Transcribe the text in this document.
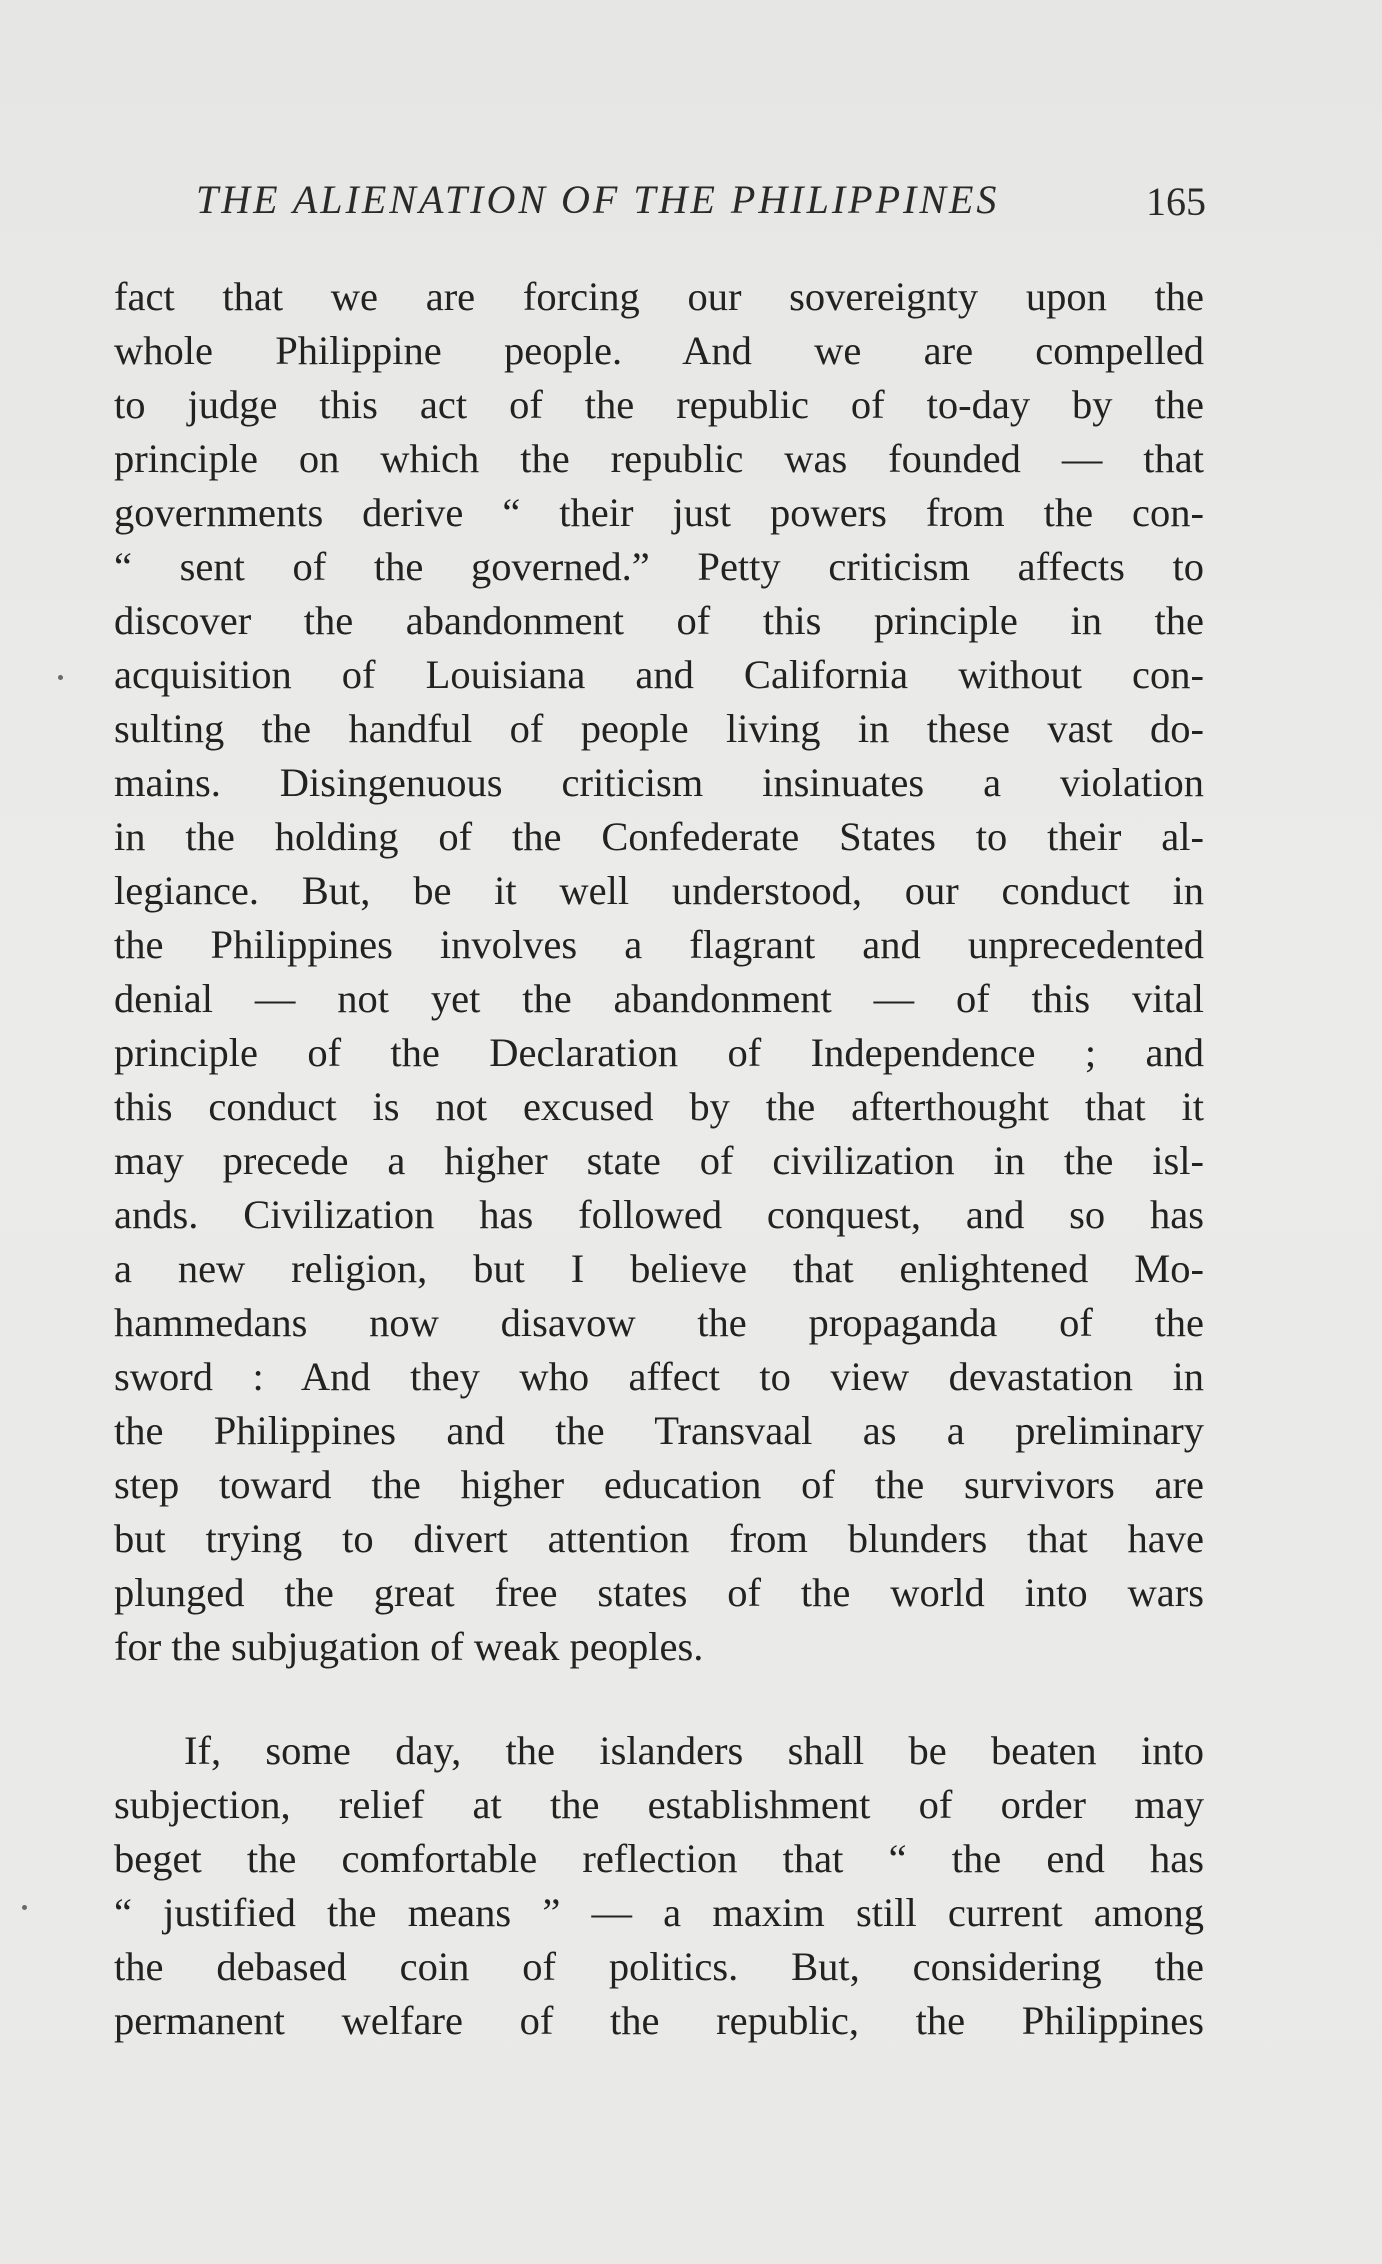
THE ALIENATION OF THE PHILIPPINES	165

fact that we are forcing our sovereignty upon the
whole Philippine people. And we are compelled
to judge this act of the republic of to-day by the
principle on which the republic was founded — that
governments derive “ their just powers from the con-
“ sent of the governed.” Petty criticism affects to
discover the abandonment of this principle in the
acquisition of Louisiana and California without con-
sulting the handful of people living in these vast do-
mains. Disingenuous criticism insinuates a violation
in the holding of the Confederate States to their al-
legiance. But, be it well understood, our conduct in
the Philippines involves a flagrant and unprecedented
denial — not yet the abandonment — of this vital
principle of the Declaration of Independence ; and
this conduct is not excused by the afterthought that it
may precede a higher state of civilization in the isl-
ands. Civilization has followed conquest, and so has
a new religion, but I believe that enlightened Mo-
hammedans now disavow the propaganda of the
sword : And they who affect to view devastation in
the Philippines and the Transvaal as a preliminary
step toward the higher education of the survivors are
but trying to divert attention from blunders that have
plunged the great free states of the world into wars
for the subjugation of weak peoples.

If, some day, the islanders shall be beaten into
subjection, relief at the establishment of order may
beget the comfortable reflection that “ the end has
“ justified the means ” — a maxim still current among
the debased coin of politics. But, considering the
permanent welfare of the republic, the Philippines
